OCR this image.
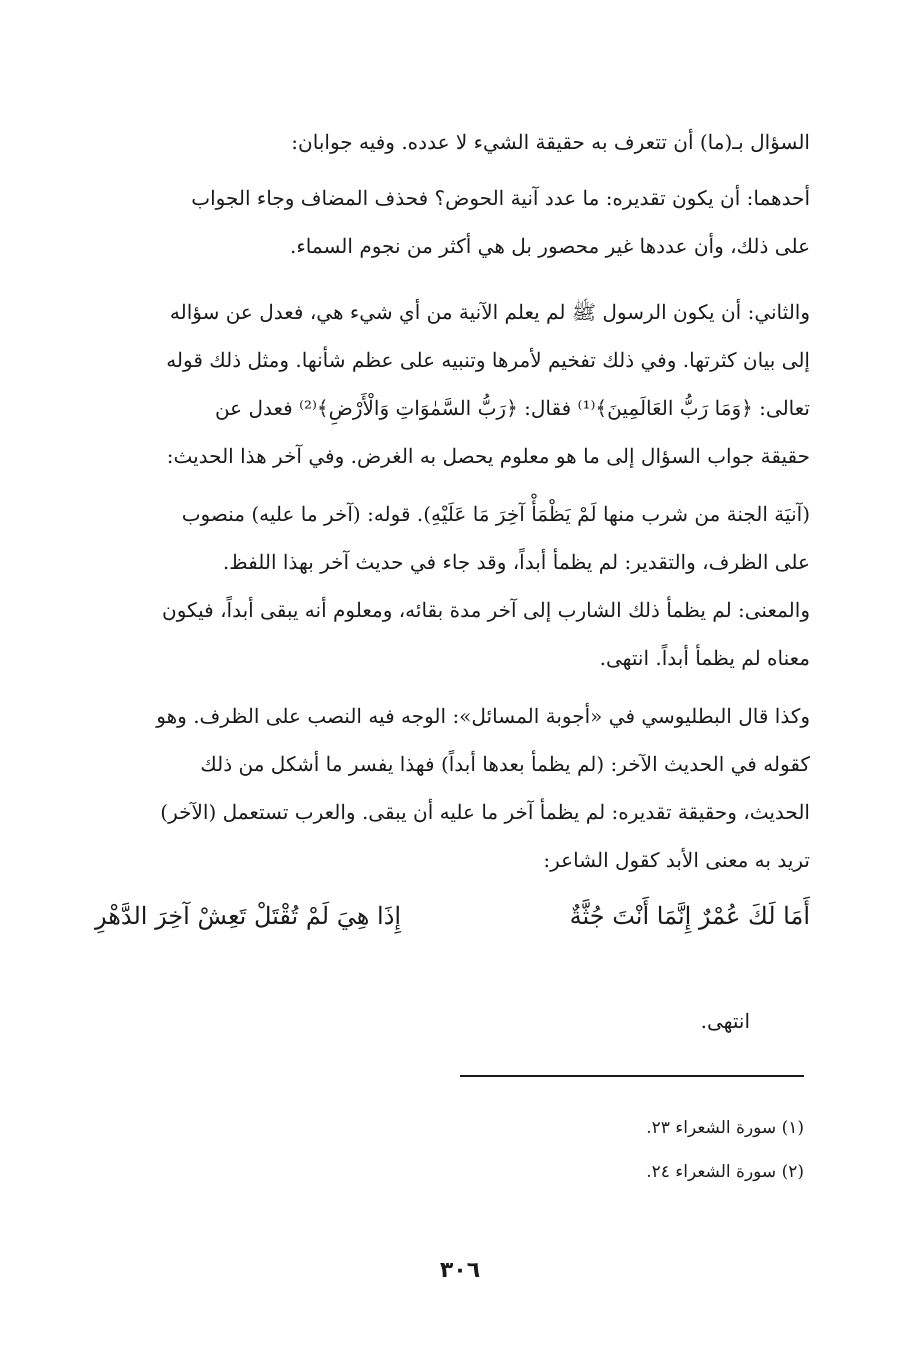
السؤال بـ(ما) أن تتعرف به حقيقة الشيء لا عدده. وفيه جوابان:
أحدهما: أن يكون تقديره: ما عدد آنية الحوض؟ فحذف المضاف وجاء الجواب
على ذلك، وأن عددها غير محصور بل هي أكثر من نجوم السماء.
والثاني: أن يكون الرسول ﷺ لم يعلم الآنية من أي شيء هي، فعدل عن سؤاله
إلى بيان كثرتها. وفي ذلك تفخيم لأمرها وتنبيه على عظم شأنها. ومثل ذلك قوله
تعالى: ﴿وَمَا رَبُّ العَالَمِينَ﴾⁽¹⁾ فقال: ﴿رَبُّ السَّمٰوَاتِ وَالْأَرْضِ﴾⁽²⁾ فعدل عن
حقيقة جواب السؤال إلى ما هو معلوم يحصل به الغرض. وفي آخر هذا الحديث:
(آنيَة الجنة من شرب منها لَمْ يَظْمَأْ آخِرَ مَا عَلَيْهِ). قوله: (آخر ما عليه) منصوب
على الظرف، والتقدير: لم يظمأ أبداً، وقد جاء في حديث آخر بهذا اللفظ.
والمعنى: لم يظمأ ذلك الشارب إلى آخر مدة بقائه، ومعلوم أنه يبقى أبداً، فيكون
معناه لم يظمأ أبداً. انتهى.
وكذا قال البطليوسي في «أجوبة المسائل»: الوجه فيه النصب على الظرف. وهو
كقوله في الحديث الآخر: (لم يظمأ بعدها أبداً) فهذا يفسر ما أشكل من ذلك
الحديث، وحقيقة تقديره: لم يظمأ آخر ما عليه أن يبقى. والعرب تستعمل (الآخر)
تريد به معنى الأبد كقول الشاعر:
أَمَا لَكَ عُمْرٌ إِنَّمَا أَنْتَ جُثَّةٌ
إِذَا هِيَ لَمْ تُقْتَلْ تَعِشْ آخِرَ الدَّهْرِ
انتهى.
(١) سورة الشعراء ٢٣.
(٢) سورة الشعراء ٢٤.
٣٠٦
